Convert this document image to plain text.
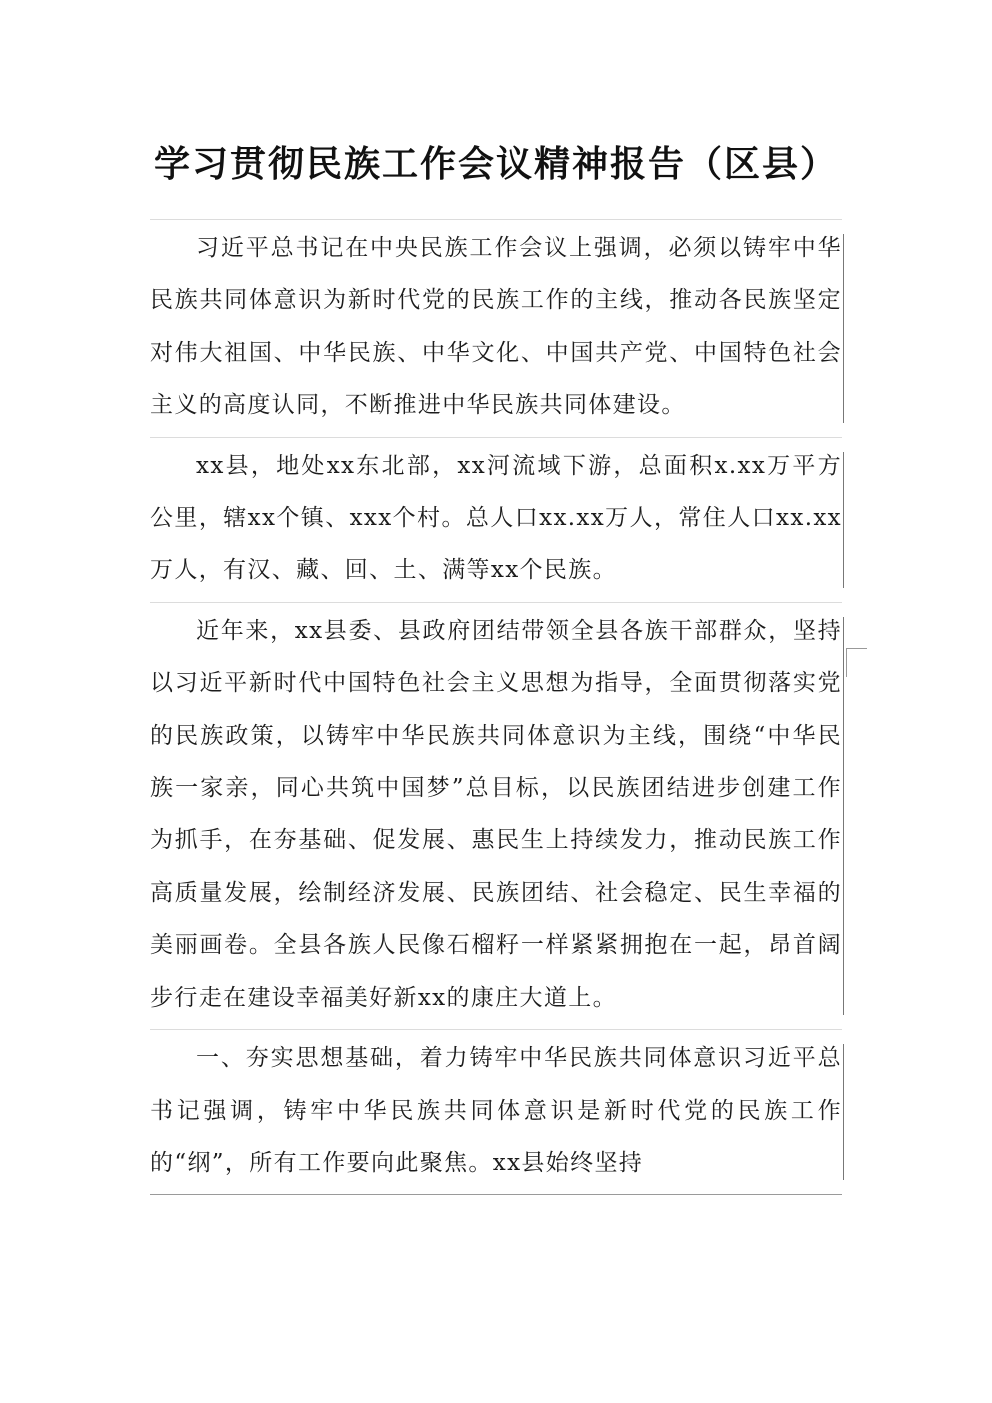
学习贯彻民族工作会议精神报告（区县）

习近平总书记在中央民族工作会议上强调，必须以铸牢中华民族共同体意识为新时代党的民族工作的主线，推动各民族坚定对伟大祖国、中华民族、中华文化、中国共产党、中国特色社会主义的高度认同，不断推进中华民族共同体建设。

xx县，地处xx东北部，xx河流域下游，总面积x.xx万平方公里，辖xx个镇、xxx个村。总人口xx.xx万人，常住人口xx.xx万人，有汉、藏、回、土、满等xx个民族。

近年来，xx县委、县政府团结带领全县各族干部群众，坚持以习近平新时代中国特色社会主义思想为指导，全面贯彻落实党的民族政策，以铸牢中华民族共同体意识为主线，围绕“中华民族一家亲，同心共筑中国梦”总目标，以民族团结进步创建工作为抓手，在夯基础、促发展、惠民生上持续发力，推动民族工作高质量发展，绘制经济发展、民族团结、社会稳定、民生幸福的美丽画卷。全县各族人民像石榴籽一样紧紧拥抱在一起，昂首阔步行走在建设幸福美好新xx的康庄大道上。

一、夯实思想基础，着力铸牢中华民族共同体意识习近平总书记强调，铸牢中华民族共同体意识是新时代党的民族工作的“纲”，所有工作要向此聚焦。xx县始终坚持
